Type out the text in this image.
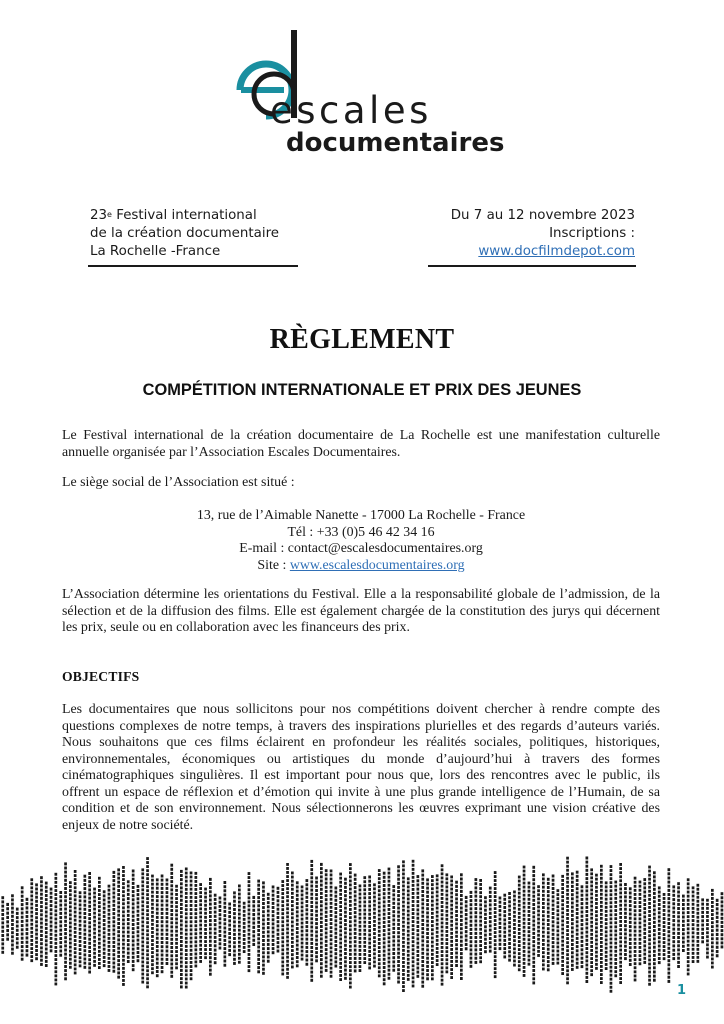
escales
documentaires
23e Festival international
de la création documentaire
La Rochelle -France
Du 7 au 12 novembre 2023
Inscriptions :
www.docfilmdepot.com
RÈGLEMENT
COMPÉTITION INTERNATIONALE ET PRIX DES JEUNES

Le Festival international de la création documentaire de La Rochelle est une manifestation culturelle annuelle organisée par l’Association Escales Documentaires.

Le siège social de l’Association est situé :

13, rue de l’Aimable Nanette - 17000 La Rochelle - France
Tél : +33 (0)5 46 42 34 16
E-mail : contact@escalesdocumentaires.org
Site : www.escalesdocumentaires.org

L’Association détermine les orientations du Festival. Elle a la responsabilité globale de l’admission, de la sélection et de la diffusion des films. Elle est également chargée de la constitution des jurys qui décernent les prix, seule ou en collaboration avec les financeurs des prix.

OBJECTIFS

Les documentaires que nous sollicitons pour nos compétitions doivent chercher à rendre compte des questions complexes de notre temps, à travers des inspirations plurielles et des regards d’auteurs variés. Nous souhaitons que ces films éclairent en profondeur les réalités sociales, politiques, historiques, environnementales, économiques ou artistiques du monde d’aujourd’hui à travers des formes cinématographiques singulières. Il est important pour nous que, lors des rencontres avec le public, ils offrent un espace de réflexion et d’émotion qui invite à une plus grande intelligence de l’Humain, de sa condition et de son environnement. Nous sélectionnerons les œuvres exprimant une vision créative des enjeux de notre société.

1
